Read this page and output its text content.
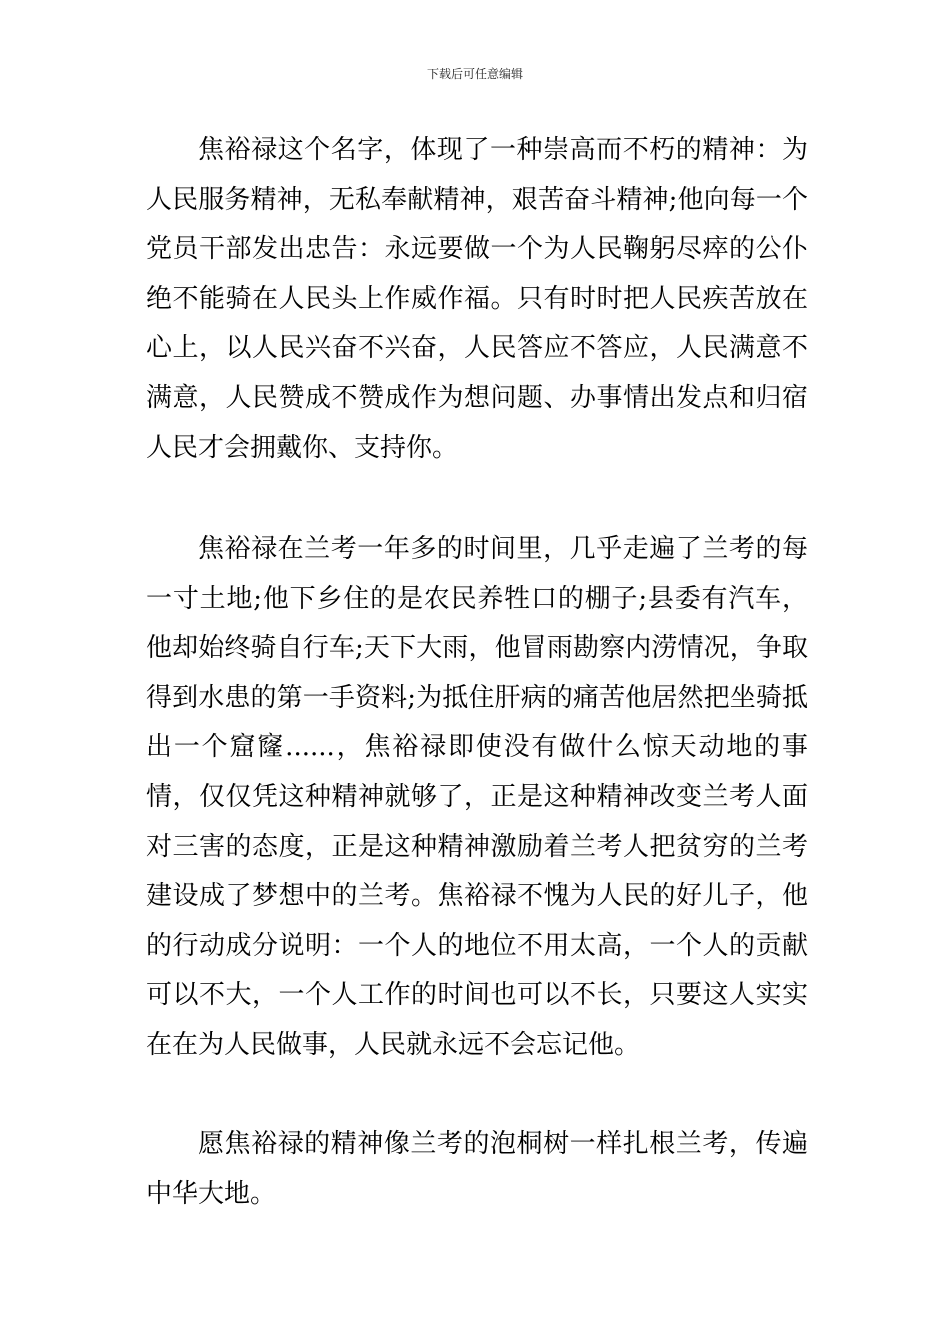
下载后可任意编辑

焦裕禄这个名字，体现了一种崇高而不朽的精神：为人民服务精神，无私奉献精神，艰苦奋斗精神;他向每一个党员干部发出忠告：永远要做一个为人民鞠躬尽瘁的公仆绝不能骑在人民头上作威作福。只有时时把人民疾苦放在心上，以人民兴奋不兴奋，人民答应不答应，人民满意不满意，人民赞成不赞成作为想问题、办事情出发点和归宿人民才会拥戴你、支持你。

焦裕禄在兰考一年多的时间里，几乎走遍了兰考的每一寸土地;他下乡住的是农民养牲口的棚子;县委有汽车，他却始终骑自行车;天下大雨，他冒雨勘察内涝情况，争取得到水患的第一手资料;为抵住肝病的痛苦他居然把坐骑抵出一个窟窿......，焦裕禄即使没有做什么惊天动地的事情，仅仅凭这种精神就够了，正是这种精神改变兰考人面对三害的态度，正是这种精神激励着兰考人把贫穷的兰考建设成了梦想中的兰考。焦裕禄不愧为人民的好儿子，他的行动成分说明：一个人的地位不用太高，一个人的贡献可以不大，一个人工作的时间也可以不长，只要这人实实在在为人民做事，人民就永远不会忘记他。

愿焦裕禄的精神像兰考的泡桐树一样扎根兰考，传遍中华大地。
